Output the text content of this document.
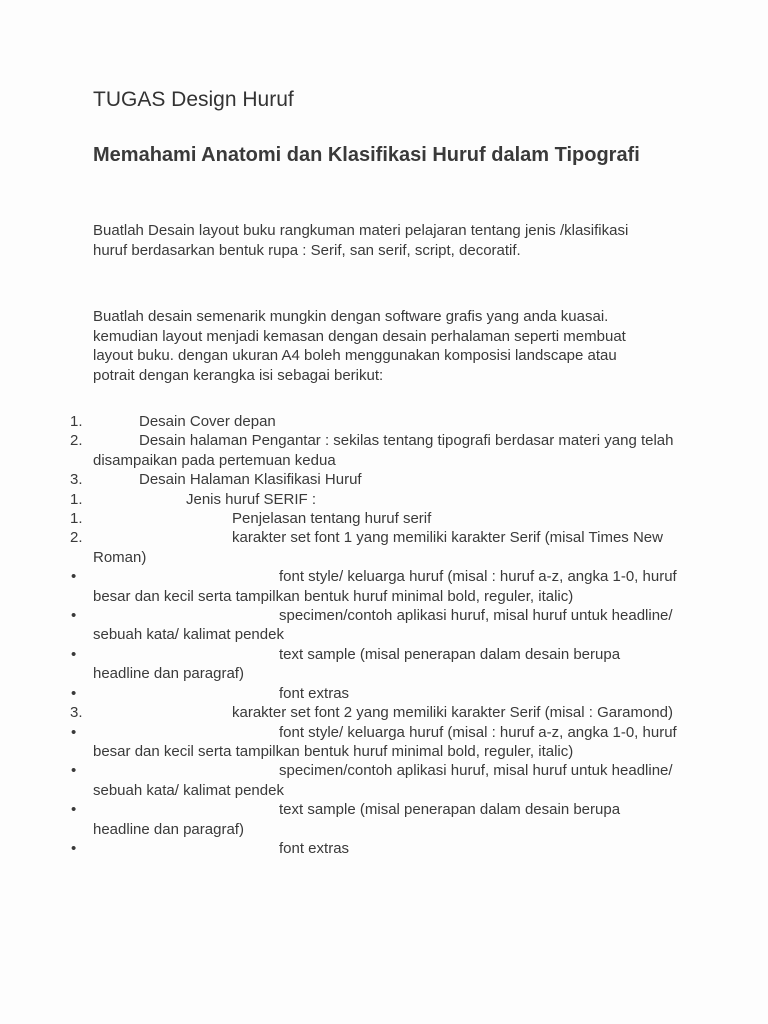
TUGAS Design Huruf
Memahami Anatomi dan Klasifikasi Huruf dalam Tipografi

Buatlah Desain layout buku rangkuman materi pelajaran tentang jenis /klasifikasi huruf berdasarkan bentuk rupa : Serif, san serif, script, decoratif.

Buatlah desain semenarik mungkin dengan software grafis yang anda kuasai. kemudian layout menjadi kemasan dengan desain perhalaman seperti membuat layout buku. dengan ukuran A4 boleh menggunakan komposisi landscape atau potrait dengan kerangka isi sebagai berikut:

1.	Desain Cover depan
2.	Desain halaman Pengantar : sekilas tentang tipografi berdasar materi yang telah disampaikan pada pertemuan kedua
3.	Desain Halaman Klasifikasi Huruf
1.	Jenis huruf SERIF :
1.	Penjelasan tentang huruf serif
2.	karakter set font 1 yang memiliki karakter Serif (misal Times New Roman)
•	font style/ keluarga huruf (misal : huruf a-z, angka 1-0, huruf besar dan kecil serta tampilkan bentuk huruf minimal bold, reguler, italic)
•	specimen/contoh aplikasi huruf, misal huruf untuk headline/ sebuah kata/ kalimat pendek
•	text sample (misal penerapan dalam desain berupa headline dan paragraf)
•	font extras
3.	karakter set font 2 yang memiliki karakter Serif (misal : Garamond)
•	font style/ keluarga huruf (misal : huruf a-z, angka 1-0, huruf besar dan kecil serta tampilkan bentuk huruf minimal bold, reguler, italic)
•	specimen/contoh aplikasi huruf, misal huruf untuk headline/ sebuah kata/ kalimat pendek
•	text sample (misal penerapan dalam desain berupa headline dan paragraf)
•	font extras
